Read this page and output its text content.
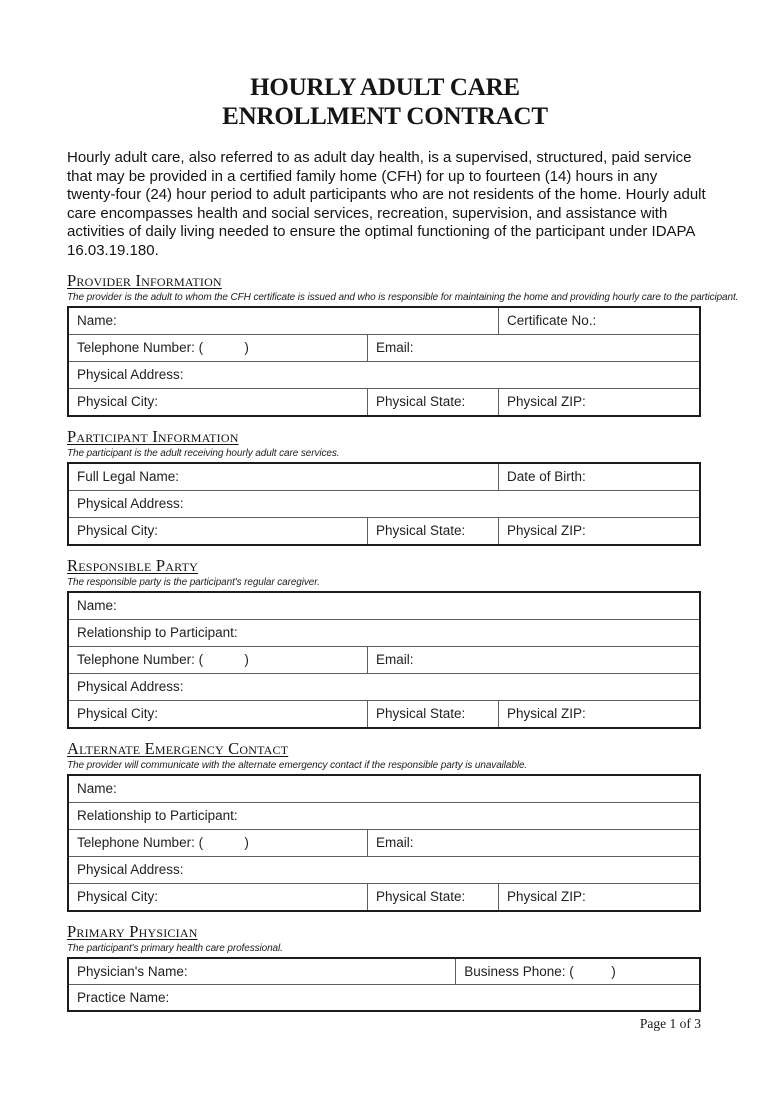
HOURLY ADULT CARE
ENROLLMENT CONTRACT

Hourly adult care, also referred to as adult day health, is a supervised, structured, paid service that may be provided in a certified family home (CFH) for up to fourteen (14) hours in any twenty-four (24) hour period to adult participants who are not residents of the home. Hourly adult care encompasses health and social services, recreation, supervision, and assistance with activities of daily living needed to ensure the optimal functioning of the participant under IDAPA 16.03.19.180.

Provider Information

The provider is the adult to whom the CFH certificate is issued and who is responsible for maintaining the home and providing hourly care to the participant.

Name:	Certificate No.:
Telephone Number: (           )	Email:
Physical Address:
Physical City:	Physical State:	Physical ZIP:
Participant Information

The participant is the adult receiving hourly adult care services.

Full Legal Name:	Date of Birth:
Physical Address:
Physical City:	Physical State:	Physical ZIP:
Responsible Party

The responsible party is the participant's regular caregiver.

Name:
Relationship to Participant:
Telephone Number: (           )	Email:
Physical Address:
Physical City:	Physical State:	Physical ZIP:
Alternate Emergency Contact

The provider will communicate with the alternate emergency contact if the responsible party is unavailable.

Name:
Relationship to Participant:
Telephone Number: (           )	Email:
Physical Address:
Physical City:	Physical State:	Physical ZIP:
Primary Physician

The participant's primary health care professional.

Physician's Name:	Business Phone: (          )
Practice Name:
Page 1 of 3
